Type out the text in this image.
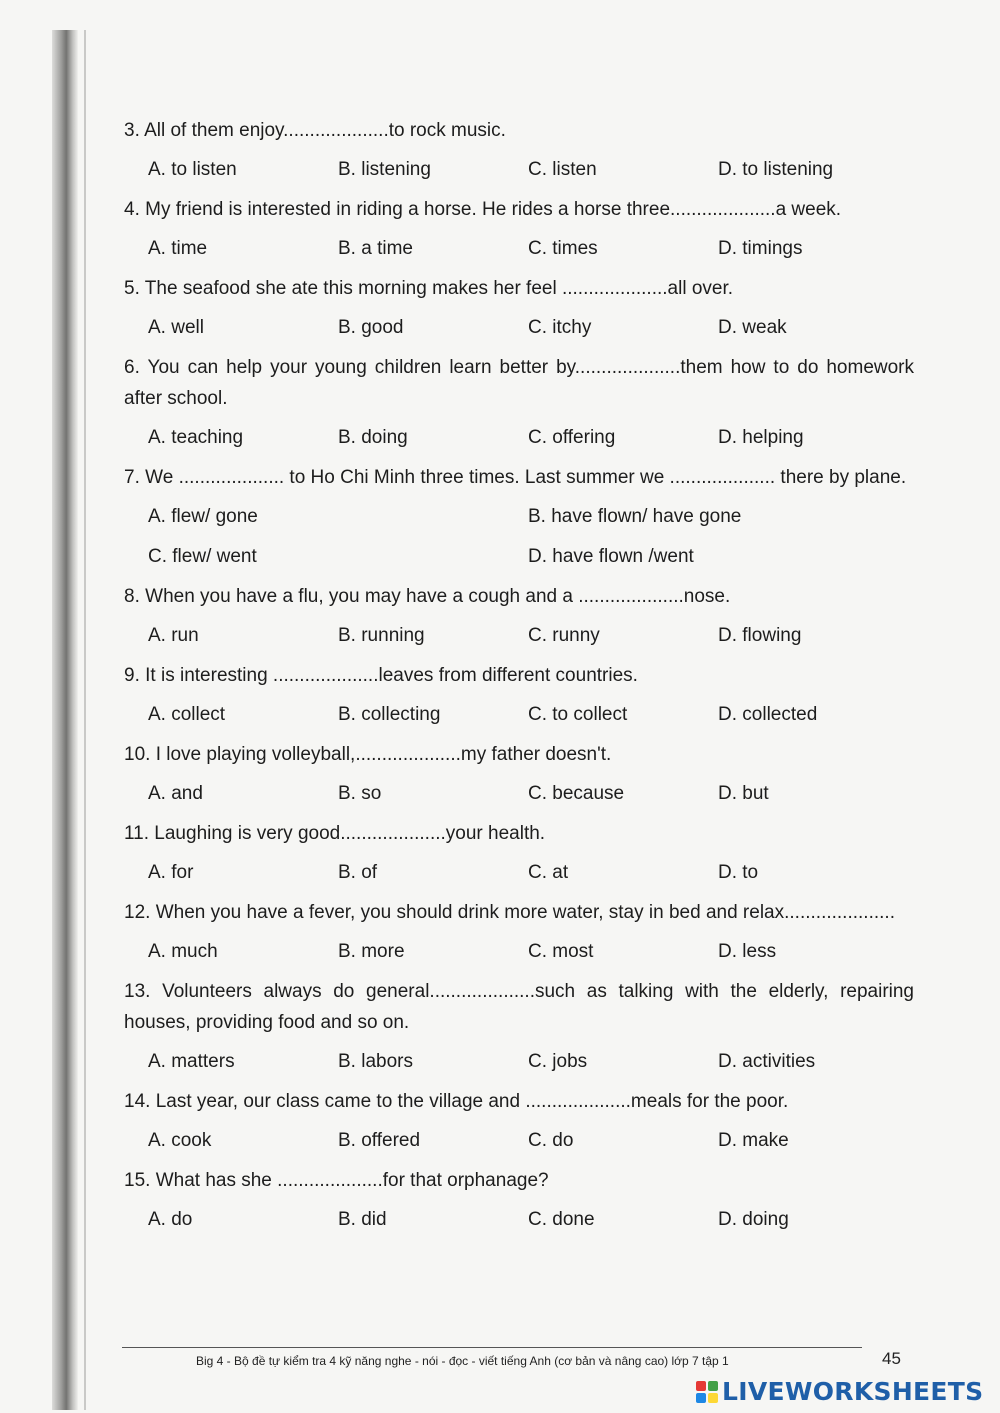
3. All of them enjoy....................to rock music.

A. to listen	B. listening	C. listen	D. to listening

4. My friend is interested in riding a horse. He rides a horse three....................a week.

A. time	B. a time	C. times	D. timings

5. The seafood she ate this morning makes her feel ....................all over.

A. well	B. good	C. itchy	D. weak

6. You can help your young children learn better by....................them how to do homework after school.

A. teaching	B. doing	C. offering	D. helping

7. We .................... to Ho Chi Minh three times. Last summer we .................... there by plane.

A. flew/ gone	B. have flown/ have gone
C. flew/ went	D. have flown /went

8. When you have a flu, you may have a cough and a ....................nose.

A. run	B. running	C. runny	D. flowing

9. It is interesting ....................leaves from different countries.

A. collect	B. collecting	C. to collect	D. collected

10. I love playing volleyball,....................my father doesn't.

A. and	B. so	C. because	D. but

11. Laughing is very good....................your health.

A. for	B. of	C. at	D. to

12. When you have a fever, you should drink more water, stay in bed and relax.....................

A. much	B. more	C. most	D. less

13. Volunteers always do general....................such as talking with the elderly, repairing houses, providing food and so on.

A. matters	B. labors	C. jobs	D. activities

14. Last year, our class came to the village and ....................meals for the poor.

A. cook	B. offered	C. do	D. make

15. What has she ....................for that orphanage?

A. do	B. did	C. done	D. doing
Big 4 - Bộ đề tự kiểm tra 4 kỹ năng nghe - nói - đọc - viết tiếng Anh (cơ bản và nâng cao) lớp 7 tập 1	45
LIVEWORKSHEETS
